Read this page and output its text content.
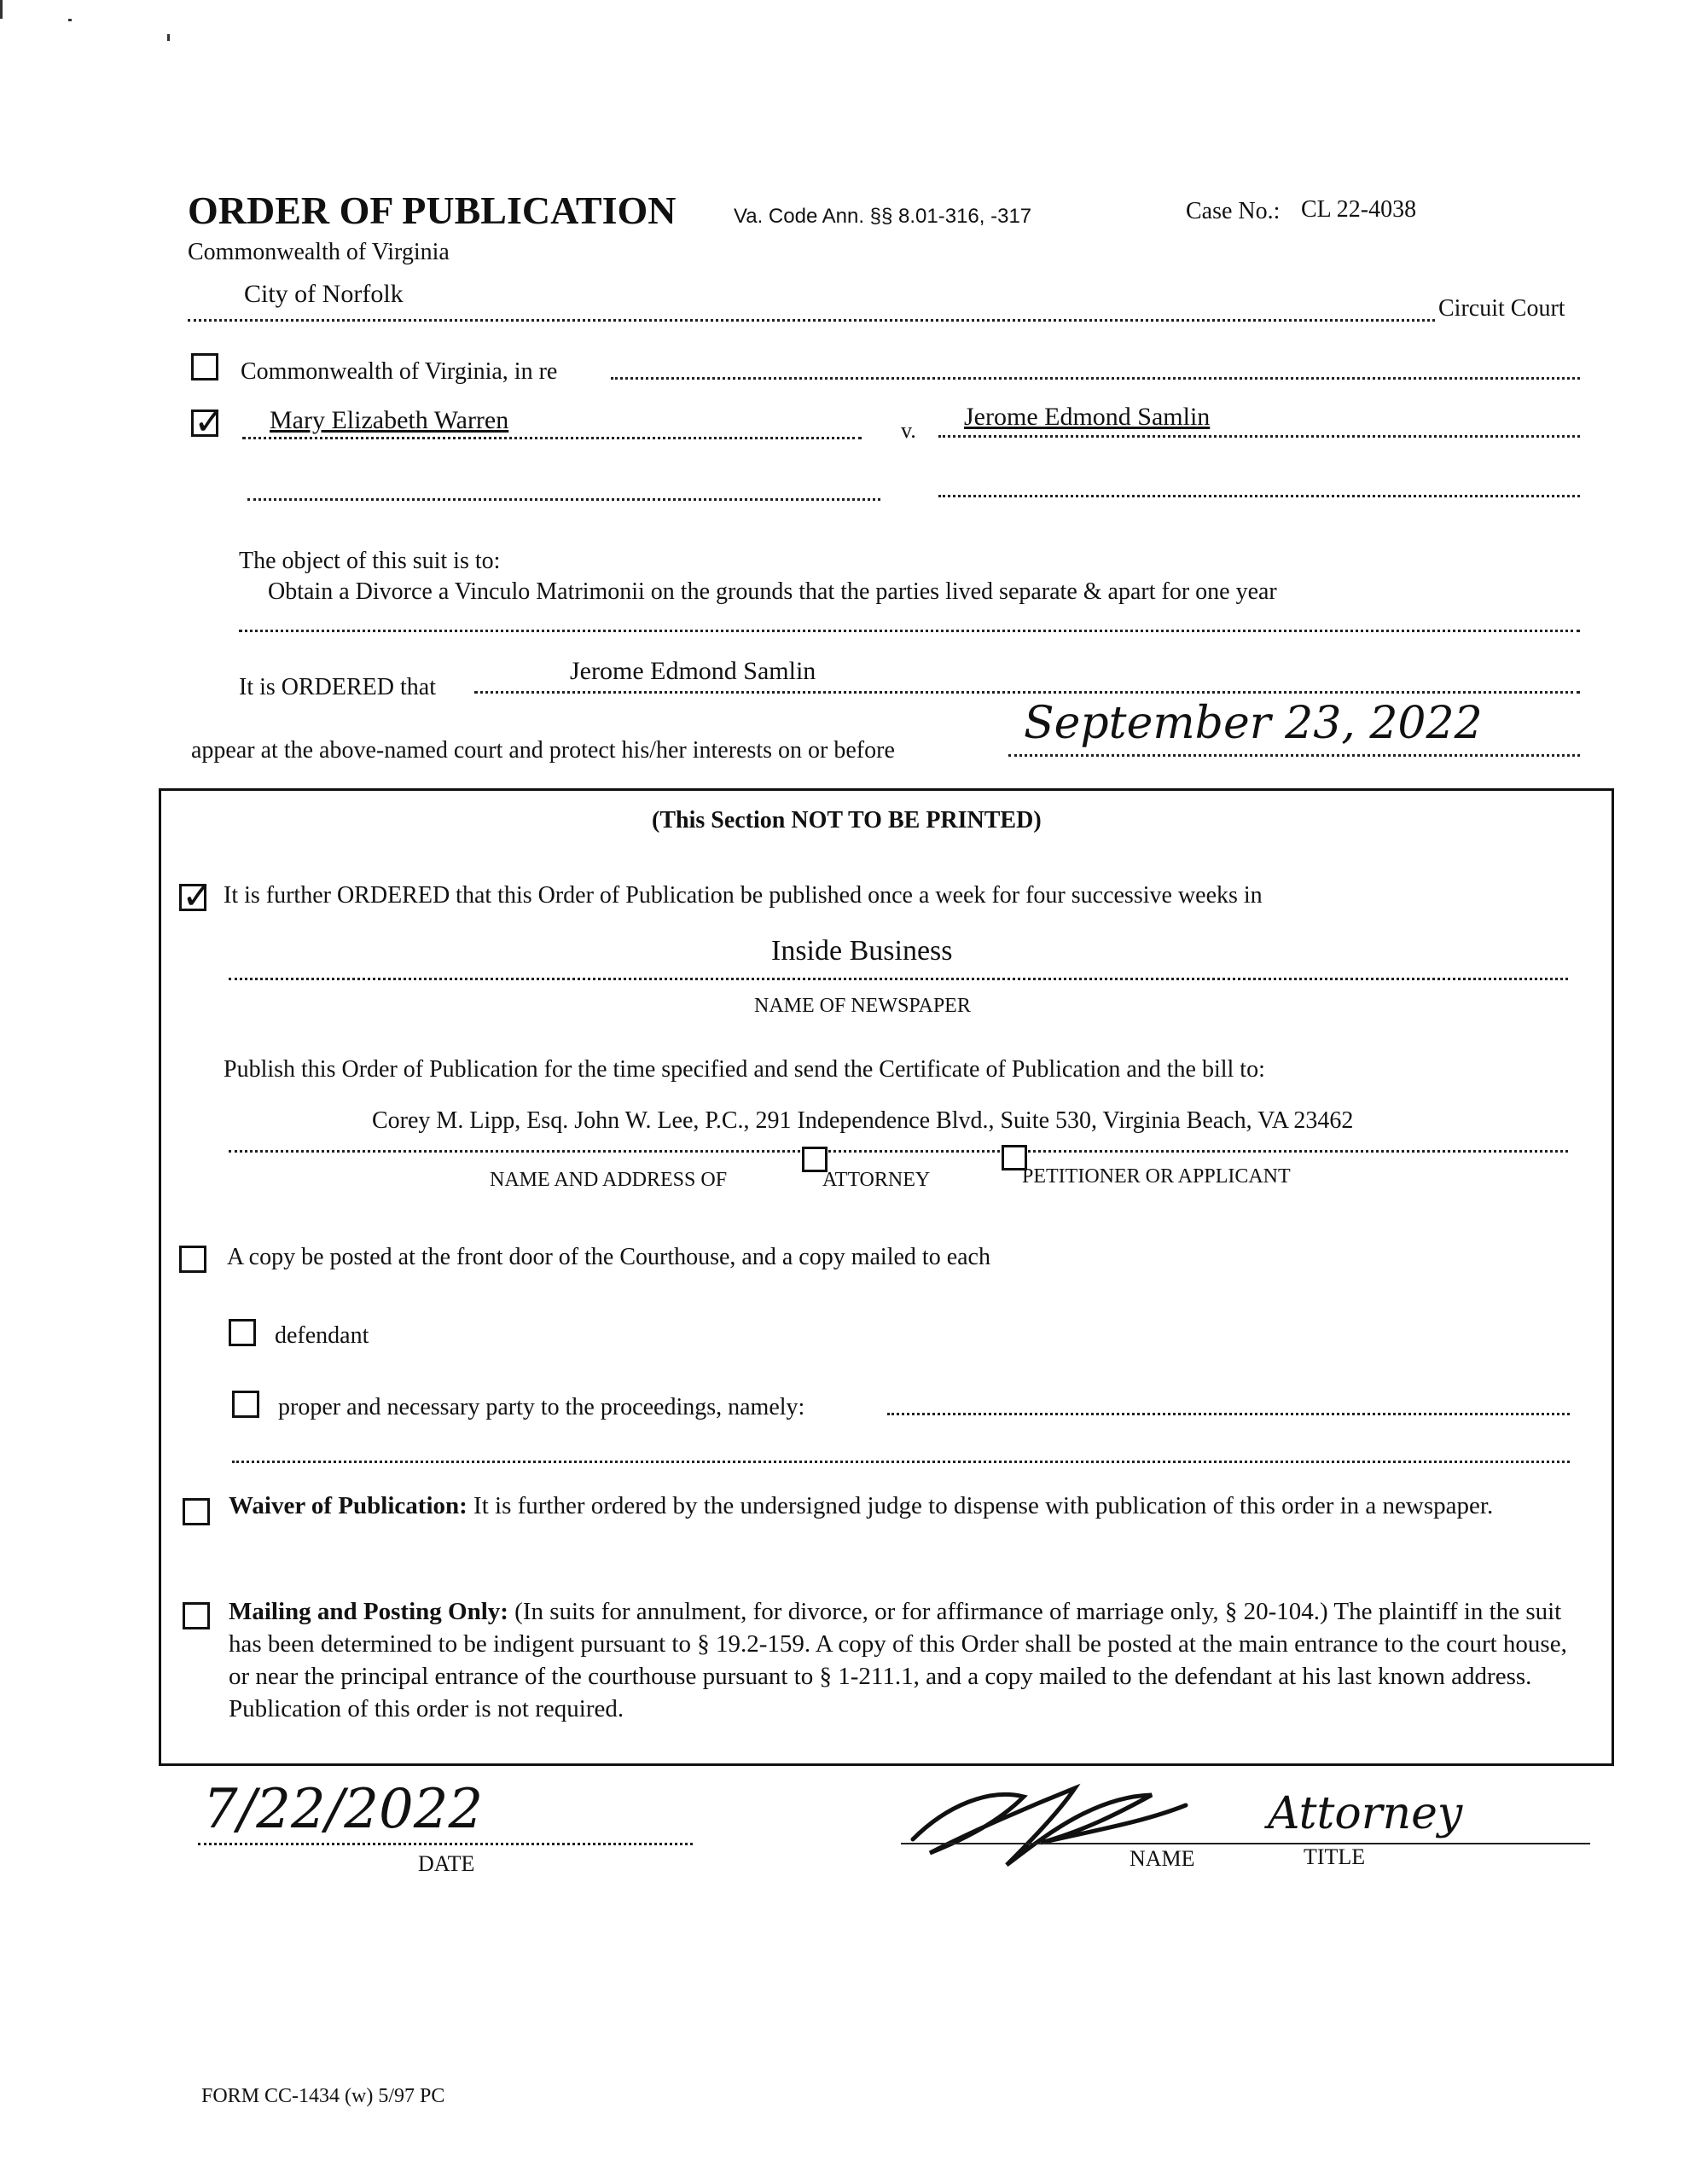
ORDER OF PUBLICATION	Va. Code Ann. §§ 8.01-316, -317	Case No.: CL 22-4038
Commonwealth of Virginia
City of Norfolk
Circuit Court
Commonwealth of Virginia, in re
✓
Mary Elizabeth Warren	v. Jerome Edmond Samlin
The object of this suit is to:
Obtain a Divorce a Vinculo Matrimonii on the grounds that the parties lived separate & apart for one year
It is ORDERED that
Jerome Edmond Samlin
appear at the above-named court and protect his/her interests on or before
September 23, 2022
(This Section NOT TO BE PRINTED)
✓
It is further ORDERED that this Order of Publication be published once a week for four successive weeks in
Inside Business
NAME OF NEWSPAPER
Publish this Order of Publication for the time specified and send the Certificate of Publication and the bill to:
Corey M. Lipp, Esq. John W. Lee, P.C., 291 Independence Blvd., Suite 530, Virginia Beach, VA 23462
NAME AND ADDRESS OF	ATTORNEY	PETITIONER OR APPLICANT
A copy be posted at the front door of the Courthouse, and a copy mailed to each
defendant
proper and necessary party to the proceedings, namely:
Waiver of Publication: It is further ordered by the undersigned judge to dispense with publication of this order in a newspaper.
Mailing and Posting Only: (In suits for annulment, for divorce, or for affirmance of marriage only, § 20-104.) The plaintiff in the suit has been determined to be indigent pursuant to § 19.2-159. A copy of this Order shall be posted at the main entrance to the court house, or near the principal entrance of the courthouse pursuant to § 1-211.1, and a copy mailed to the defendant at his last known address. Publication of this order is not required.
7/22/2022
DATE	NAME
Attorney
TITLE
FORM CC-1434 (w) 5/97 PC
